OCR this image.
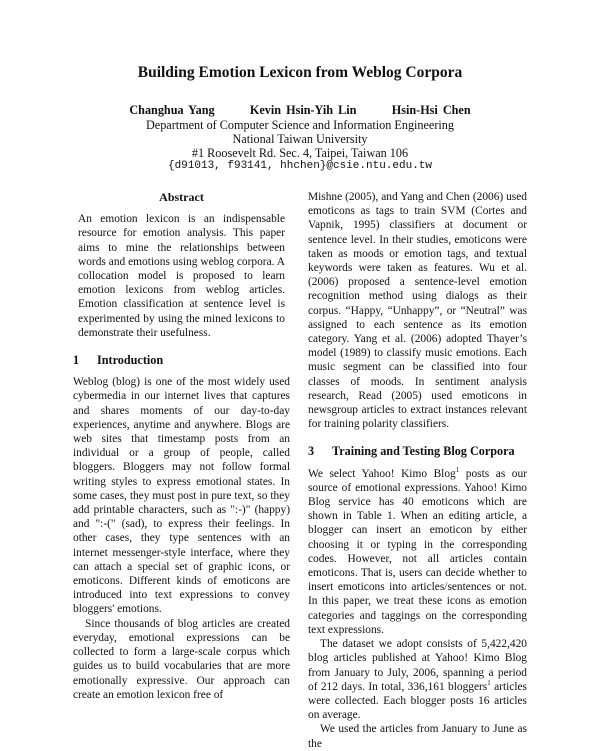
Building Emotion Lexicon from Weblog Corpora
Changhua Yang	Kevin Hsin-Yih Lin	Hsin-Hsi Chen
Department of Computer Science and Information Engineering
National Taiwan University
#1 Roosevelt Rd. Sec. 4, Taipei, Taiwan 106
{d91013, f93141, hhchen}@csie.ntu.edu.tw
Abstract

An emotion lexicon is an indispensable resource for emotion analysis. This paper aims to mine the relationships between words and emotions using weblog corpora. A collocation model is proposed to learn emotion lexicons from weblog articles. Emotion classification at sentence level is experimented by using the mined lexicons to demonstrate their usefulness.

1 Introduction

Weblog (blog) is one of the most widely used cybermedia in our internet lives that captures and shares moments of our day-to-day experiences, anytime and anywhere. Blogs are web sites that timestamp posts from an individual or a group of people, called bloggers. Bloggers may not follow formal writing styles to express emotional states. In some cases, they must post in pure text, so they add printable characters, such as ":-)" (happy) and ":-(" (sad), to express their feelings. In other cases, they type sentences with an internet messenger-style interface, where they can attach a special set of graphic icons, or emoticons. Different kinds of emoticons are introduced into text expressions to convey bloggers' emotions.

Since thousands of blog articles are created everyday, emotional expressions can be collected to form a large-scale corpus which guides us to build vocabularies that are more emotionally expressive. Our approach can create an emotion lexicon free of

Mishne (2005), and Yang and Chen (2006) used emoticons as tags to train SVM (Cortes and Vapnik, 1995) classifiers at document or sentence level. In their studies, emoticons were taken as moods or emotion tags, and textual keywords were taken as features. Wu et al. (2006) proposed a sentence-level emotion recognition method using dialogs as their corpus. “Happy, “Unhappy”, or “Neutral” was assigned to each sentence as its emotion category. Yang et al. (2006) adopted Thayer’s model (1989) to classify music emotions. Each music segment can be classified into four classes of moods. In sentiment analysis research, Read (2005) used emoticons in newsgroup articles to extract instances relevant for training polarity classifiers.

3 Training and Testing Blog Corpora

We select Yahoo! Kimo Blog$^1$ posts as our source of emotional expressions. Yahoo! Kimo Blog service has 40 emoticons which are shown in Table 1. When an editing article, a blogger can insert an emoticon by either choosing it or typing in the corresponding codes. However, not all articles contain emoticons. That is, users can decide whether to insert emoticons into articles/sentences or not. In this paper, we treat these icons as emotion categories and taggings on the corresponding text expressions.

The dataset we adopt consists of 5,422,420 blog articles published at Yahoo! Kimo Blog from January to July, 2006, spanning a period of 212 days. In total, 336,161 bloggers$^1$ articles were collected. Each blogger posts 16 articles on average.

We used the articles from January to June as the
